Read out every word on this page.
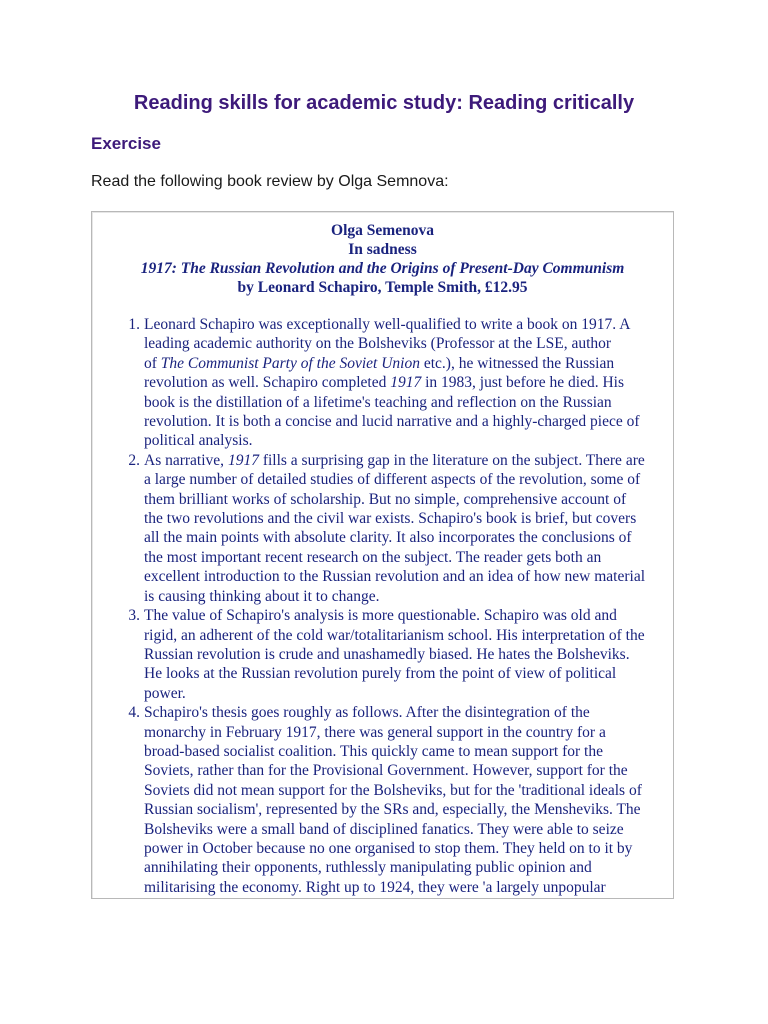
Reading skills for academic study: Reading critically
Exercise

Read the following book review by Olga Semnova:

Olga Semenova
In sadness
1917: The Russian Revolution and the Origins of Present-Day Communism
by Leonard Schapiro, Temple Smith, £12.95
1. Leonard Schapiro was exceptionally well-qualified to write a book on 1917. A
leading academic authority on the Bolsheviks (Professor at the LSE, author
of The Communist Party of the Soviet Union etc.), he witnessed the Russian
revolution as well. Schapiro completed 1917 in 1983, just before he died. His
book is the distillation of a lifetime's teaching and reflection on the Russian
revolution. It is both a concise and lucid narrative and a highly-charged piece of
political analysis.
2. As narrative, 1917 fills a surprising gap in the literature on the subject. There are
a large number of detailed studies of different aspects of the revolution, some of
them brilliant works of scholarship. But no simple, comprehensive account of
the two revolutions and the civil war exists. Schapiro's book is brief, but covers
all the main points with absolute clarity. It also incorporates the conclusions of
the most important recent research on the subject. The reader gets both an
excellent introduction to the Russian revolution and an idea of how new material
is causing thinking about it to change.
3. The value of Schapiro's analysis is more questionable. Schapiro was old and
rigid, an adherent of the cold war/totalitarianism school. His interpretation of the
Russian revolution is crude and unashamedly biased. He hates the Bolsheviks.
He looks at the Russian revolution purely from the point of view of political
power.
4. Schapiro's thesis goes roughly as follows. After the disintegration of the
monarchy in February 1917, there was general support in the country for a
broad-based socialist coalition. This quickly came to mean support for the
Soviets, rather than for the Provisional Government. However, support for the
Soviets did not mean support for the Bolsheviks, but for the 'traditional ideals of
Russian socialism', represented by the SRs and, especially, the Mensheviks. The
Bolsheviks were a small band of disciplined fanatics. They were able to seize
power in October because no one organised to stop them. They held on to it by
annihilating their opponents, ruthlessly manipulating public opinion and
militarising the economy. Right up to 1924, they were 'a largely unpopular
